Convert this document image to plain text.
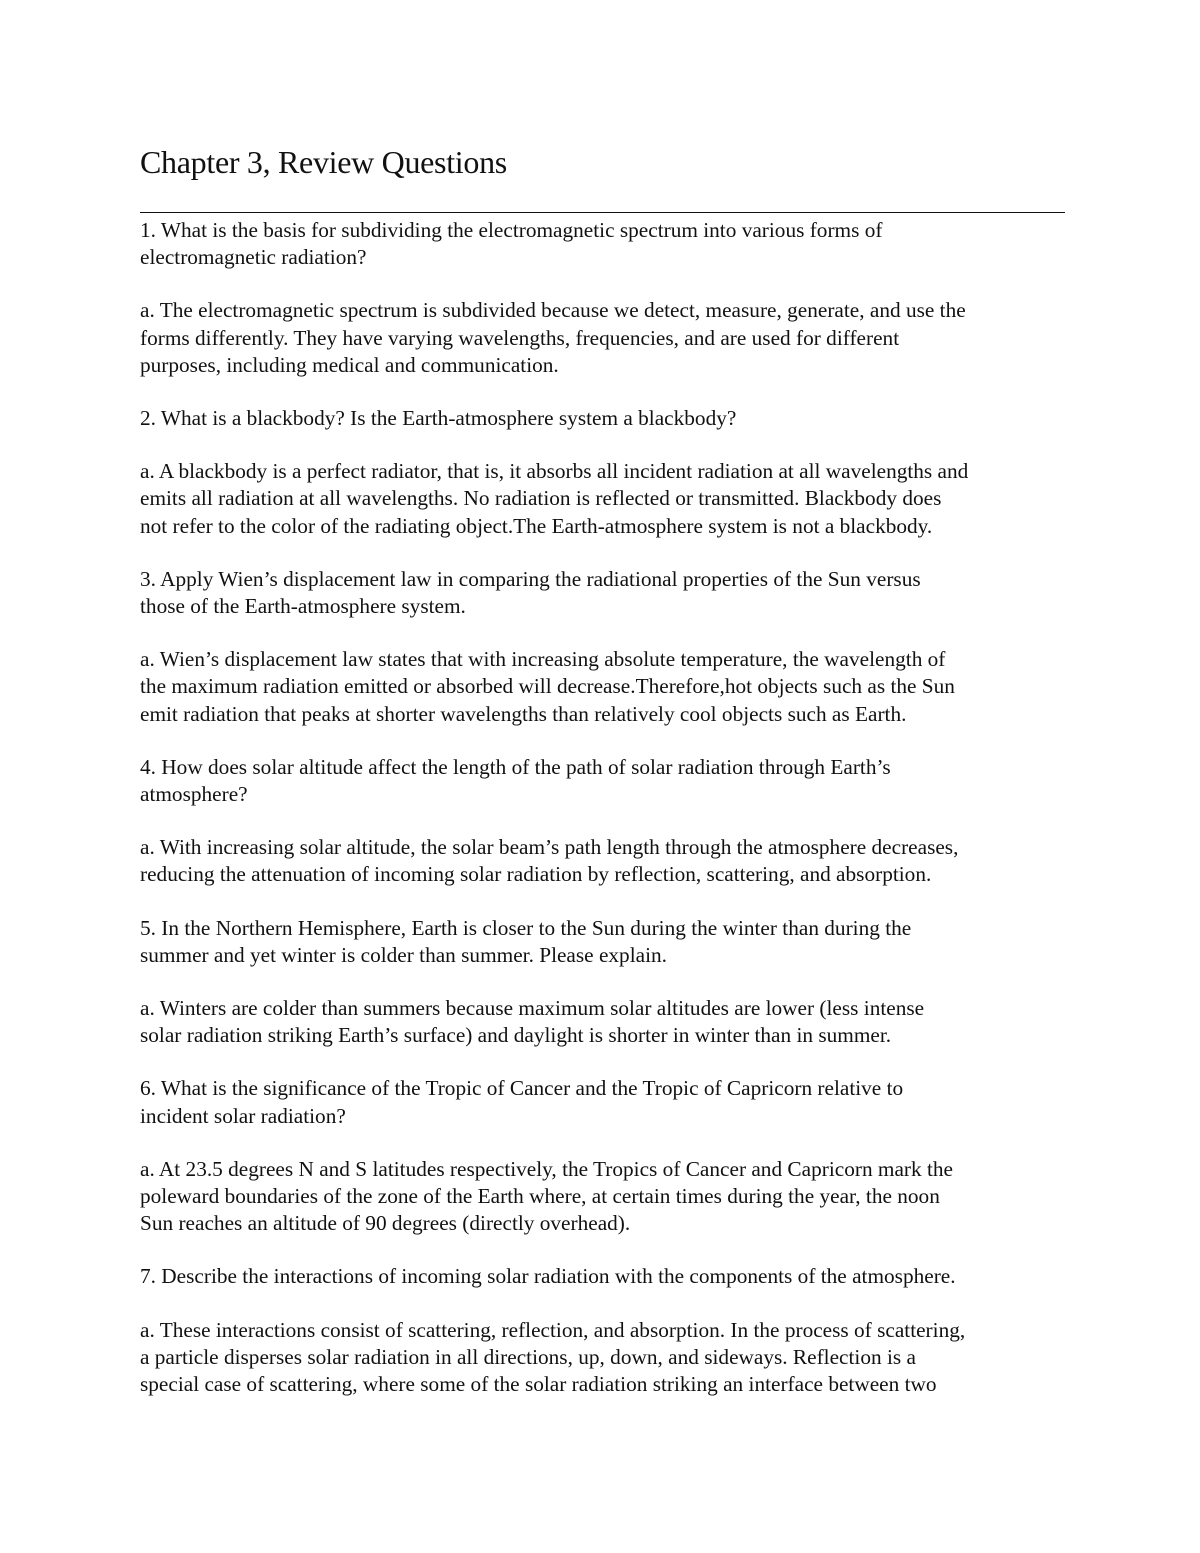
Chapter 3, Review Questions

1. What is the basis for subdividing the electromagnetic spectrum into various forms of
electromagnetic radiation?

a. The electromagnetic spectrum is subdivided because we detect, measure, generate, and use the
forms differently. They have varying wavelengths, frequencies, and are used for different
purposes, including medical and communication.

2. What is a blackbody? Is the Earth-atmosphere system a blackbody?

a. A blackbody is a perfect radiator, that is, it absorbs all incident radiation at all wavelengths and
emits all radiation at all wavelengths. No radiation is reflected or transmitted. Blackbody does
not refer to the color of the radiating object.The Earth-atmosphere system is not a blackbody.

3. Apply Wien’s displacement law in comparing the radiational properties of the Sun versus
those of the Earth-atmosphere system.

a. Wien’s displacement law states that with increasing absolute temperature, the wavelength of
the maximum radiation emitted or absorbed will decrease.Therefore,hot objects such as the Sun
emit radiation that peaks at shorter wavelengths than relatively cool objects such as Earth.

4. How does solar altitude affect the length of the path of solar radiation through Earth’s
atmosphere?

a. With increasing solar altitude, the solar beam’s path length through the atmosphere decreases,
reducing the attenuation of incoming solar radiation by reflection, scattering, and absorption.

5. In the Northern Hemisphere, Earth is closer to the Sun during the winter than during the
summer and yet winter is colder than summer. Please explain.

a. Winters are colder than summers because maximum solar altitudes are lower (less intense
solar radiation striking Earth’s surface) and daylight is shorter in winter than in summer.

6. What is the significance of the Tropic of Cancer and the Tropic of Capricorn relative to
incident solar radiation?

a. At 23.5 degrees N and S latitudes respectively, the Tropics of Cancer and Capricorn mark the
poleward boundaries of the zone of the Earth where, at certain times during the year, the noon
Sun reaches an altitude of 90 degrees (directly overhead).

7. Describe the interactions of incoming solar radiation with the components of the atmosphere.

a. These interactions consist of scattering, reflection, and absorption. In the process of scattering,
a particle disperses solar radiation in all directions, up, down, and sideways. Reflection is a
special case of scattering, where some of the solar radiation striking an interface between two
